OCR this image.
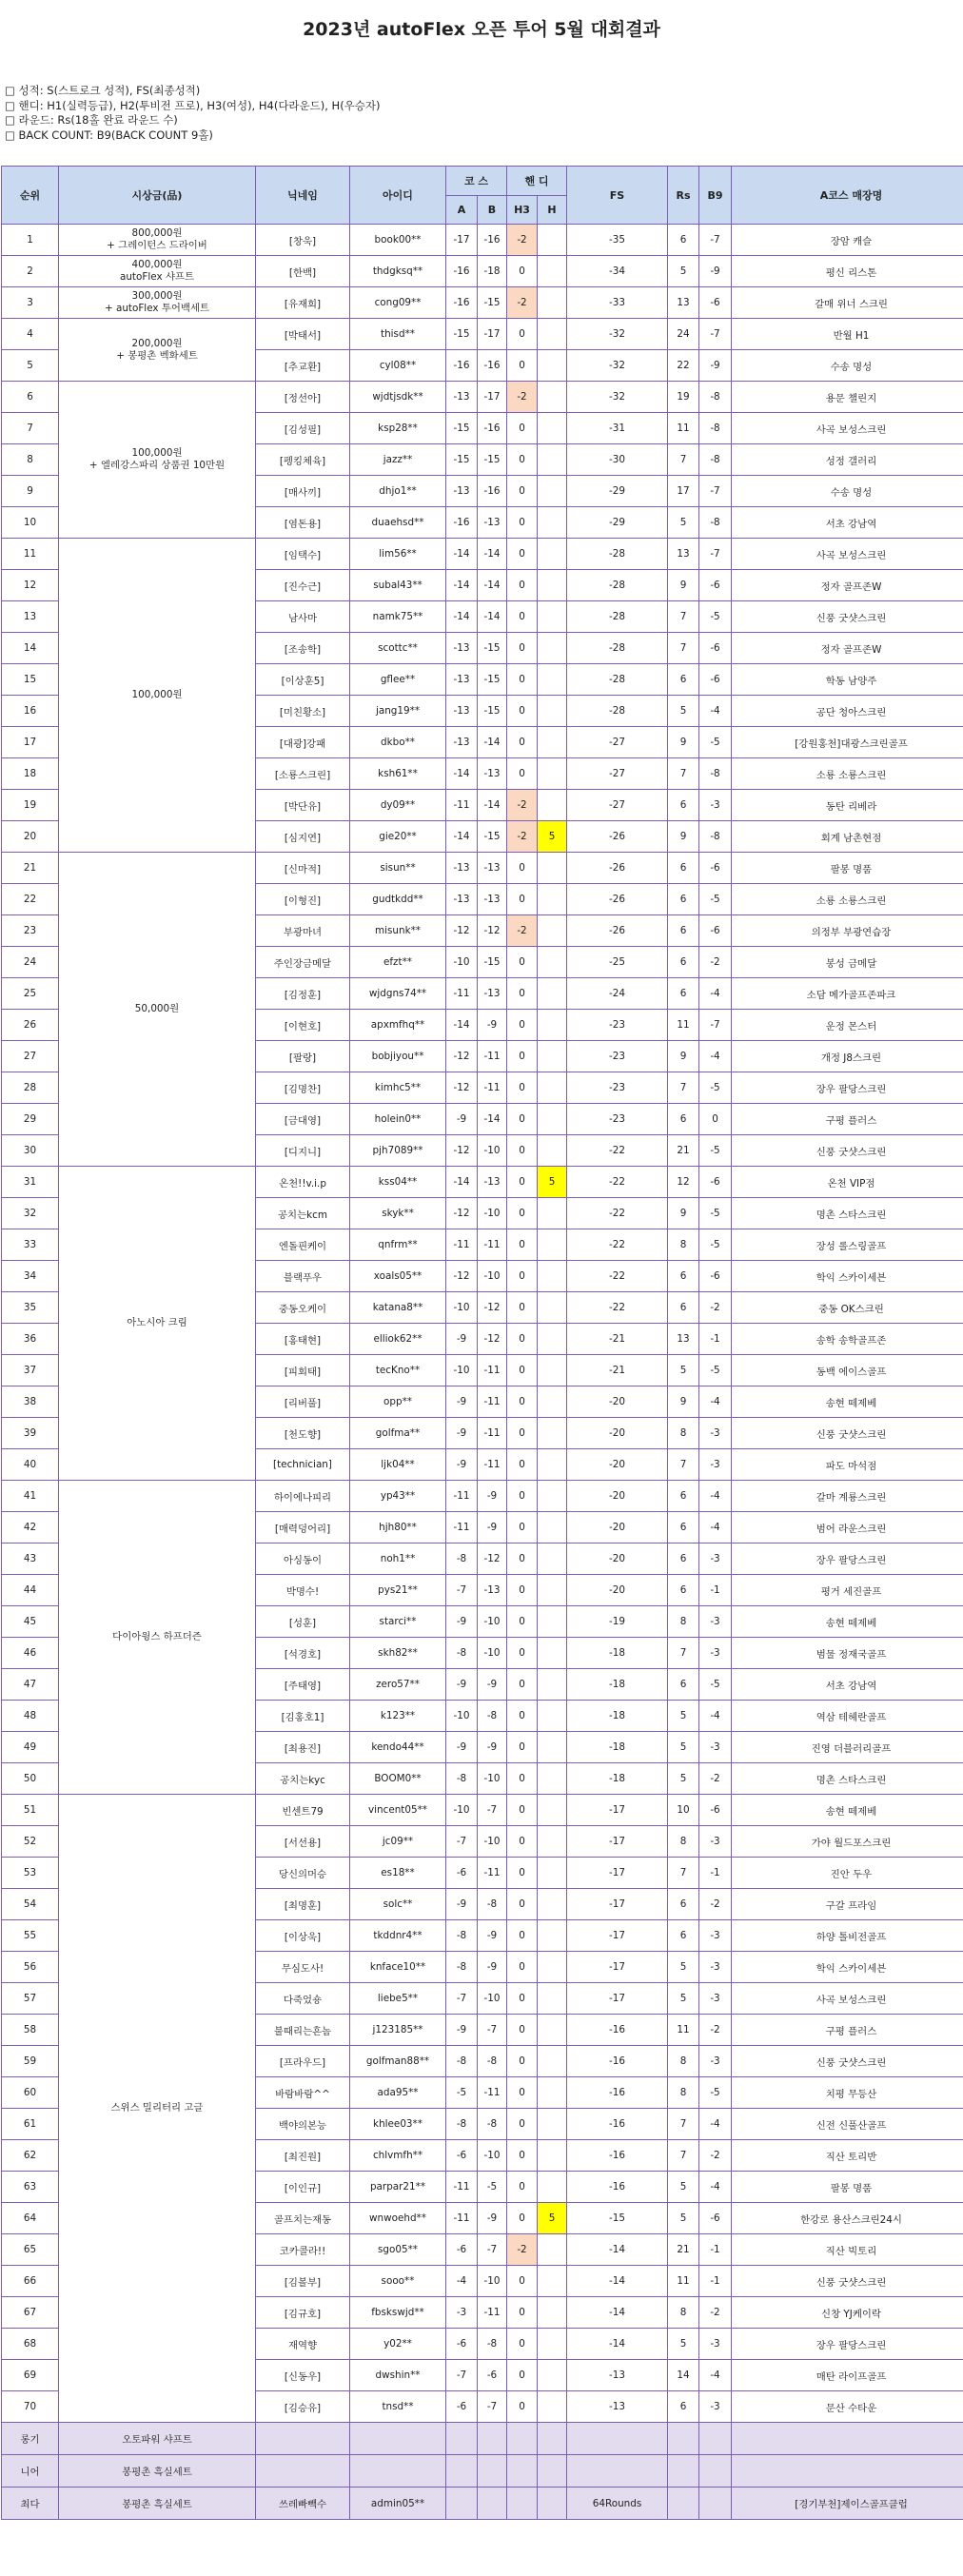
2023년 autoFlex 오픈 투어 5월 대회결과
□ 성적: S(스트로크 성적), FS(최종성적)
□ 핸디: H1(실력등급), H2(투비전 프로), H3(여성), H4(다라운드), H(우승자)
□ 라운드: Rs(18홀 완료 라운드 수)
□ BACK COUNT: B9(BACK COUNT 9홀)
순위	시상금(品)	닉네임	아이디	코 스		핸 디		FS	Rs	B9	A코스 매장명
				A	B	H3	H				
1	800,000원
+ 그레이턴스 드라이버	[창욱]	book00**	-17	-16	-2		-35	6	-7	장암 캐슬
2	400,000원
autoFlex 샤프트	[한백]	thdgksq**	-16	-18	0		-34	5	-9	평신 리스톤
3	300,000원
+ autoFlex 투어백세트	[유재희]	cong09**	-16	-15	-2		-33	13	-6	갈매 위너 스크린
4	200,000원
+ 봉평촌 벡화세트	[박태서]	thisd**	-15	-17	0		-32	24	-7	반월 H1
5		[추교환]	cyl08**	-16	-16	0		-32	22	-9	수송 명성
6	100,000원
+ 엘레강스파리 상품권 10만원	[정선아]	wjdtjsdk**	-13	-17	-2		-32	19	-8	용문 챌린지
7		[김성필]	ksp28**	-15	-16	0		-31	11	-8	사곡 보성스크린
8		[펭킹체육]	jazz**	-15	-15	0		-30	7	-8	성정 갤러리
9		[매사끼]	dhjo1**	-13	-16	0		-29	17	-7	수송 명성
10		[염돈용]	duaehsd**	-16	-13	0		-29	5	-8	서초 강남역
11	100,000원	[임택수]	lim56**	-14	-14	0		-28	13	-7	사곡 보성스크린
12		[진수근]	subal43**	-14	-14	0		-28	9	-6	정자 골프존W
13		남사마	namk75**	-14	-14	0		-28	7	-5	신풍 굿샷스크린
14		[조송학]	scottc**	-13	-15	0		-28	7	-6	정자 골프존W
15		[이상훈5]	gflee**	-13	-15	0		-28	6	-6	학동 남양주
16		[미친황소]	jang19**	-13	-15	0		-28	5	-4	공단 청아스크린
17		[대광]강패	dkbo**	-13	-14	0		-27	9	-5	[강원홍천]대광스크린골프
18		[소룡스크린]	ksh61**	-14	-13	0		-27	7	-8	소룡 소룡스크린
19		[박단유]	dy09**	-11	-14	-2		-27	6	-3	동탄 리베라
20		[심지연]	gie20**	-14	-15	-2	5	-26	9	-8	회계 남촌현점
21	50,000원	[신마적]	sisun**	-13	-13	0		-26	6	-6	팔봉 명품
22		[이형진]	gudtkdd**	-13	-13	0		-26	6	-5	소룡 소룡스크린
23		부광마녀	misunk**	-12	-12	-2		-26	6	-6	의정부 부광연습장
24		주인장금메달	efzt**	-10	-15	0		-25	6	-2	봉성 금메달
25		[김정훈]	wjdgns74**	-11	-13	0		-24	6	-4	소담 메가골프존파크
26		[이현호]	apxmfhq**	-14	-9	0		-23	11	-7	운정 몬스터
27		[팔랑]	bobjiyou**	-12	-11	0		-23	9	-4	개정 J8스크린
28		[김명찬]	kimhc5**	-12	-11	0		-23	7	-5	장우 팔당스크린
29		[금대영]	holein0**	-9	-14	0		-23	6	0	구평 플러스
30		[디지니]	pjh7089**	-12	-10	0		-22	21	-5	신풍 굿샷스크린
31	아노시아 크림	온천!!v.i.p	kss04**	-14	-13	0	5	-22	12	-6	온천 VIP점
32		공치는kcm	skyk**	-12	-10	0		-22	9	-5	명촌 스타스크린
33		엔돌핀케이	qnfrm**	-11	-11	0		-22	8	-5	장성 롤스링골프
34		블랙푸우	xoals05**	-12	-10	0		-22	6	-6	학익 스카이세븐
35		중동오케이	katana8**	-10	-12	0		-22	6	-2	중동 OK스크린
36		[홍태현]	elliok62**	-9	-12	0		-21	13	-1	송학 송학골프존
37		[피회태]	tecKno**	-10	-11	0		-21	5	-5	동백 에이스골프
38		[리버풀]	opp**	-9	-11	0		-20	9	-4	송현 떼제베
39		[천도향]	golfma**	-9	-11	0		-20	8	-3	신풍 굿샷스크린
40		[technician]	ljk04**	-9	-11	0		-20	7	-3	파도 마석점
41	다이아윙스 하프더즌	하이에나피리	yp43**	-11	-9	0		-20	6	-4	갈마 계룡스크린
42		[매력덩어리]	hjh80**	-11	-9	0		-20	6	-4	범어 라운스크린
43		아싱동이	noh1**	-8	-12	0		-20	6	-3	장우 팔당스크린
44		박명수!	pys21**	-7	-13	0		-20	6	-1	평거 세진골프
45		[성훈]	starci**	-9	-10	0		-19	8	-3	송현 떼제베
46		[석경호]	skh82**	-8	-10	0		-18	7	-3	범물 정재국골프
47		[주태영]	zero57**	-9	-9	0		-18	6	-5	서초 강남역
48		[김홍호1]	k123**	-10	-8	0		-18	5	-4	역삼 테헤란골프
49		[최용진]	kendo44**	-9	-9	0		-18	5	-3	진영 더블러리골프
50		공치는kyc	BOOM0**	-8	-10	0		-18	5	-2	명촌 스타스크린
51	스위스 밀리터리 고글	빈센트79	vincent05**	-10	-7	0		-17	10	-6	송현 떼제베
52		[서선용]	jc09**	-7	-10	0		-17	8	-3	가야 월드포스크린
53		당신의머승	es18**	-6	-11	0		-17	7	-1	진안 두우
54		[최명훈]	solc**	-9	-8	0		-17	6	-2	구갈 프라임
55		[이상욱]	tkddnr4**	-8	-9	0		-17	6	-3	하양 톨비전골프
56		무심도사!	knface10**	-8	-9	0		-17	5	-3	학익 스카이세븐
57		다죽었숑	liebe5**	-7	-10	0		-17	5	-3	사곡 보성스크린
58		불때리는흔놈	j123185**	-9	-7	0		-16	11	-2	구평 플러스
59		[프라우드]	golfman88**	-8	-8	0		-16	8	-3	신풍 굿샷스크린
60		바람바람^^	ada95**	-5	-11	0		-16	8	-5	치평 무등산
61		백야의본능	khlee03**	-8	-8	0		-16	7	-4	신전 신풀산골프
62		[최진원]	chlvmfh**	-6	-10	0		-16	7	-2	직산 토리반
63		[이인규]	parpar21**	-11	-5	0		-16	5	-4	팔봉 명품
64		골프치는재동	wnwoehd**	-11	-9	0	5	-15	5	-6	한강로 용산스크린24시
65		코카콜라!!	sgo05**	-6	-7	-2		-14	21	-1	직산 빅토리
66		[김볼부]	sooo**	-4	-10	0		-14	11	-1	신풍 굿샷스크린
67		[김규호]	fbskswjd**	-3	-11	0		-14	8	-2	신창 YJ케이락
68		재역향	y02**	-6	-8	0		-14	5	-3	장우 팔당스크린
69		[신동우]	dwshin**	-7	-6	0		-13	14	-4	매탄 라이프골프
70		[김승유]	tnsd**	-6	-7	0		-13	6	-3	문산 수타운
롱기	오토파워 샤프트										
니어	봉평촌 흑실세트										
최다	봉평촌 흑실세트	쓰레빠빽수	admin05**					64Rounds			[경기부천]제이스골프클럽
